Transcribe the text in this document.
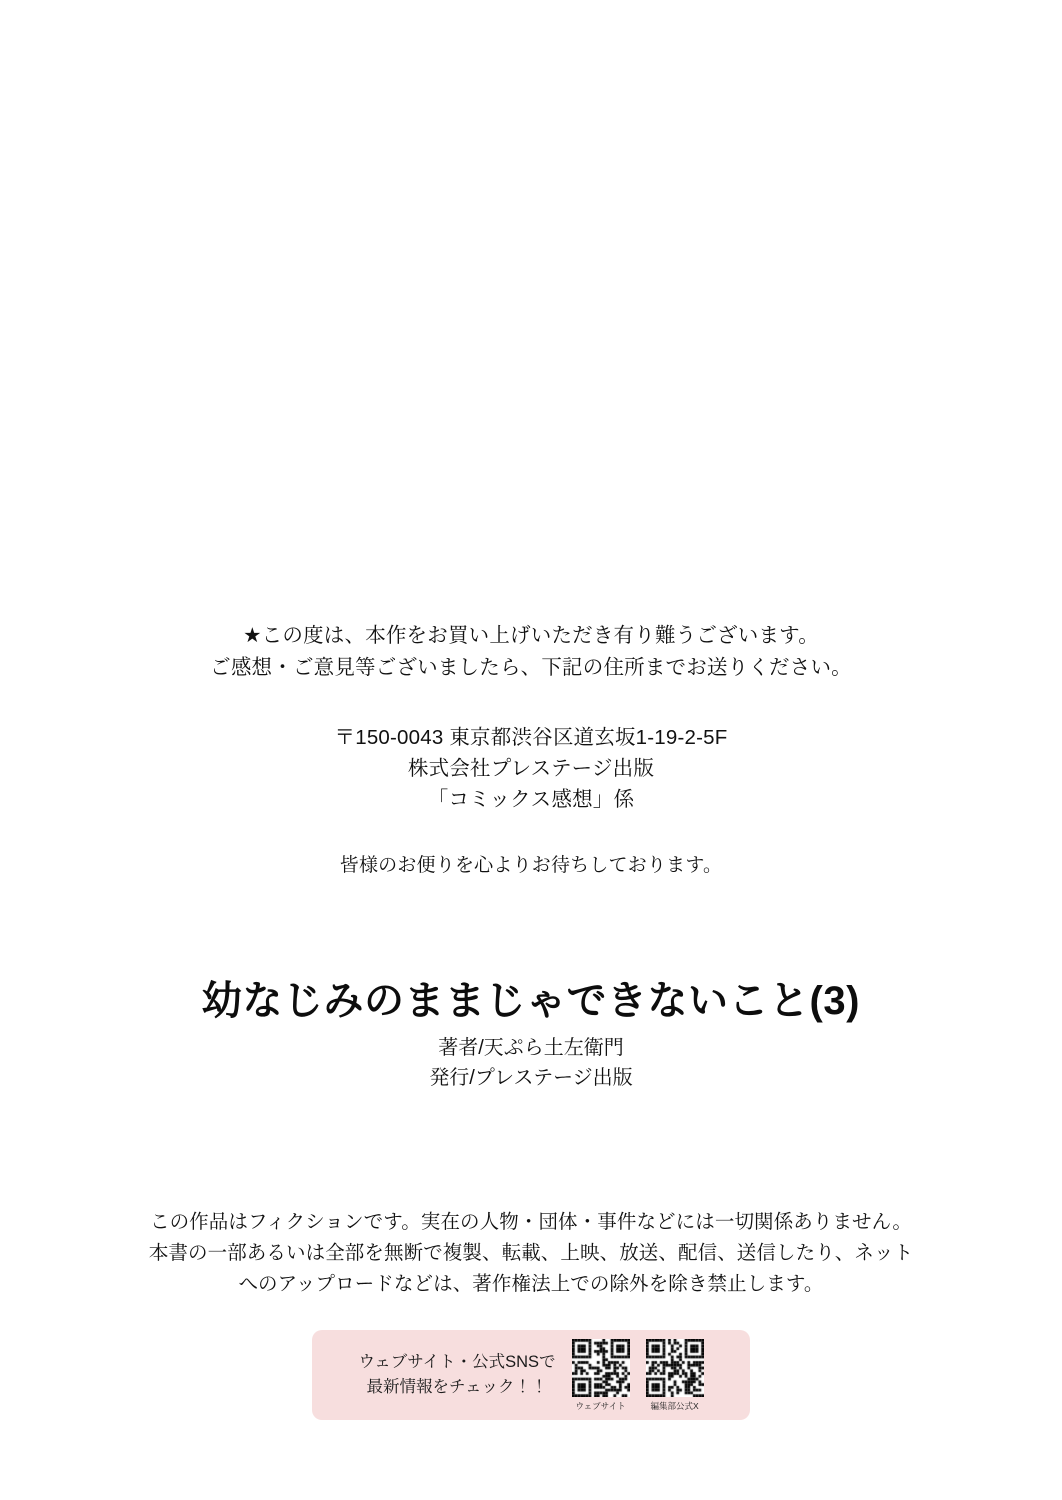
★この度は、本作をお買い上げいただき有り難うございます。
ご感想・ご意見等ございましたら、下記の住所までお送りください。
〒150-0043 東京都渋谷区道玄坂1-19-2-5F
株式会社プレステージ出版
「コミックス感想」係
皆様のお便りを心よりお待ちしております。
幼なじみのままじゃできないこと(3)
著者/天ぷら土左衛門
発行/プレステージ出版
この作品はフィクションです。実在の人物・団体・事件などには一切関係ありません。
本書の一部あるいは全部を無断で複製、転載、上映、放送、配信、送信したり、ネット
へのアップロードなどは、著作権法上での除外を除き禁止します。
ウェブサイト・公式SNSで
最新情報をチェック！！
ウェブサイト	編集部公式X
